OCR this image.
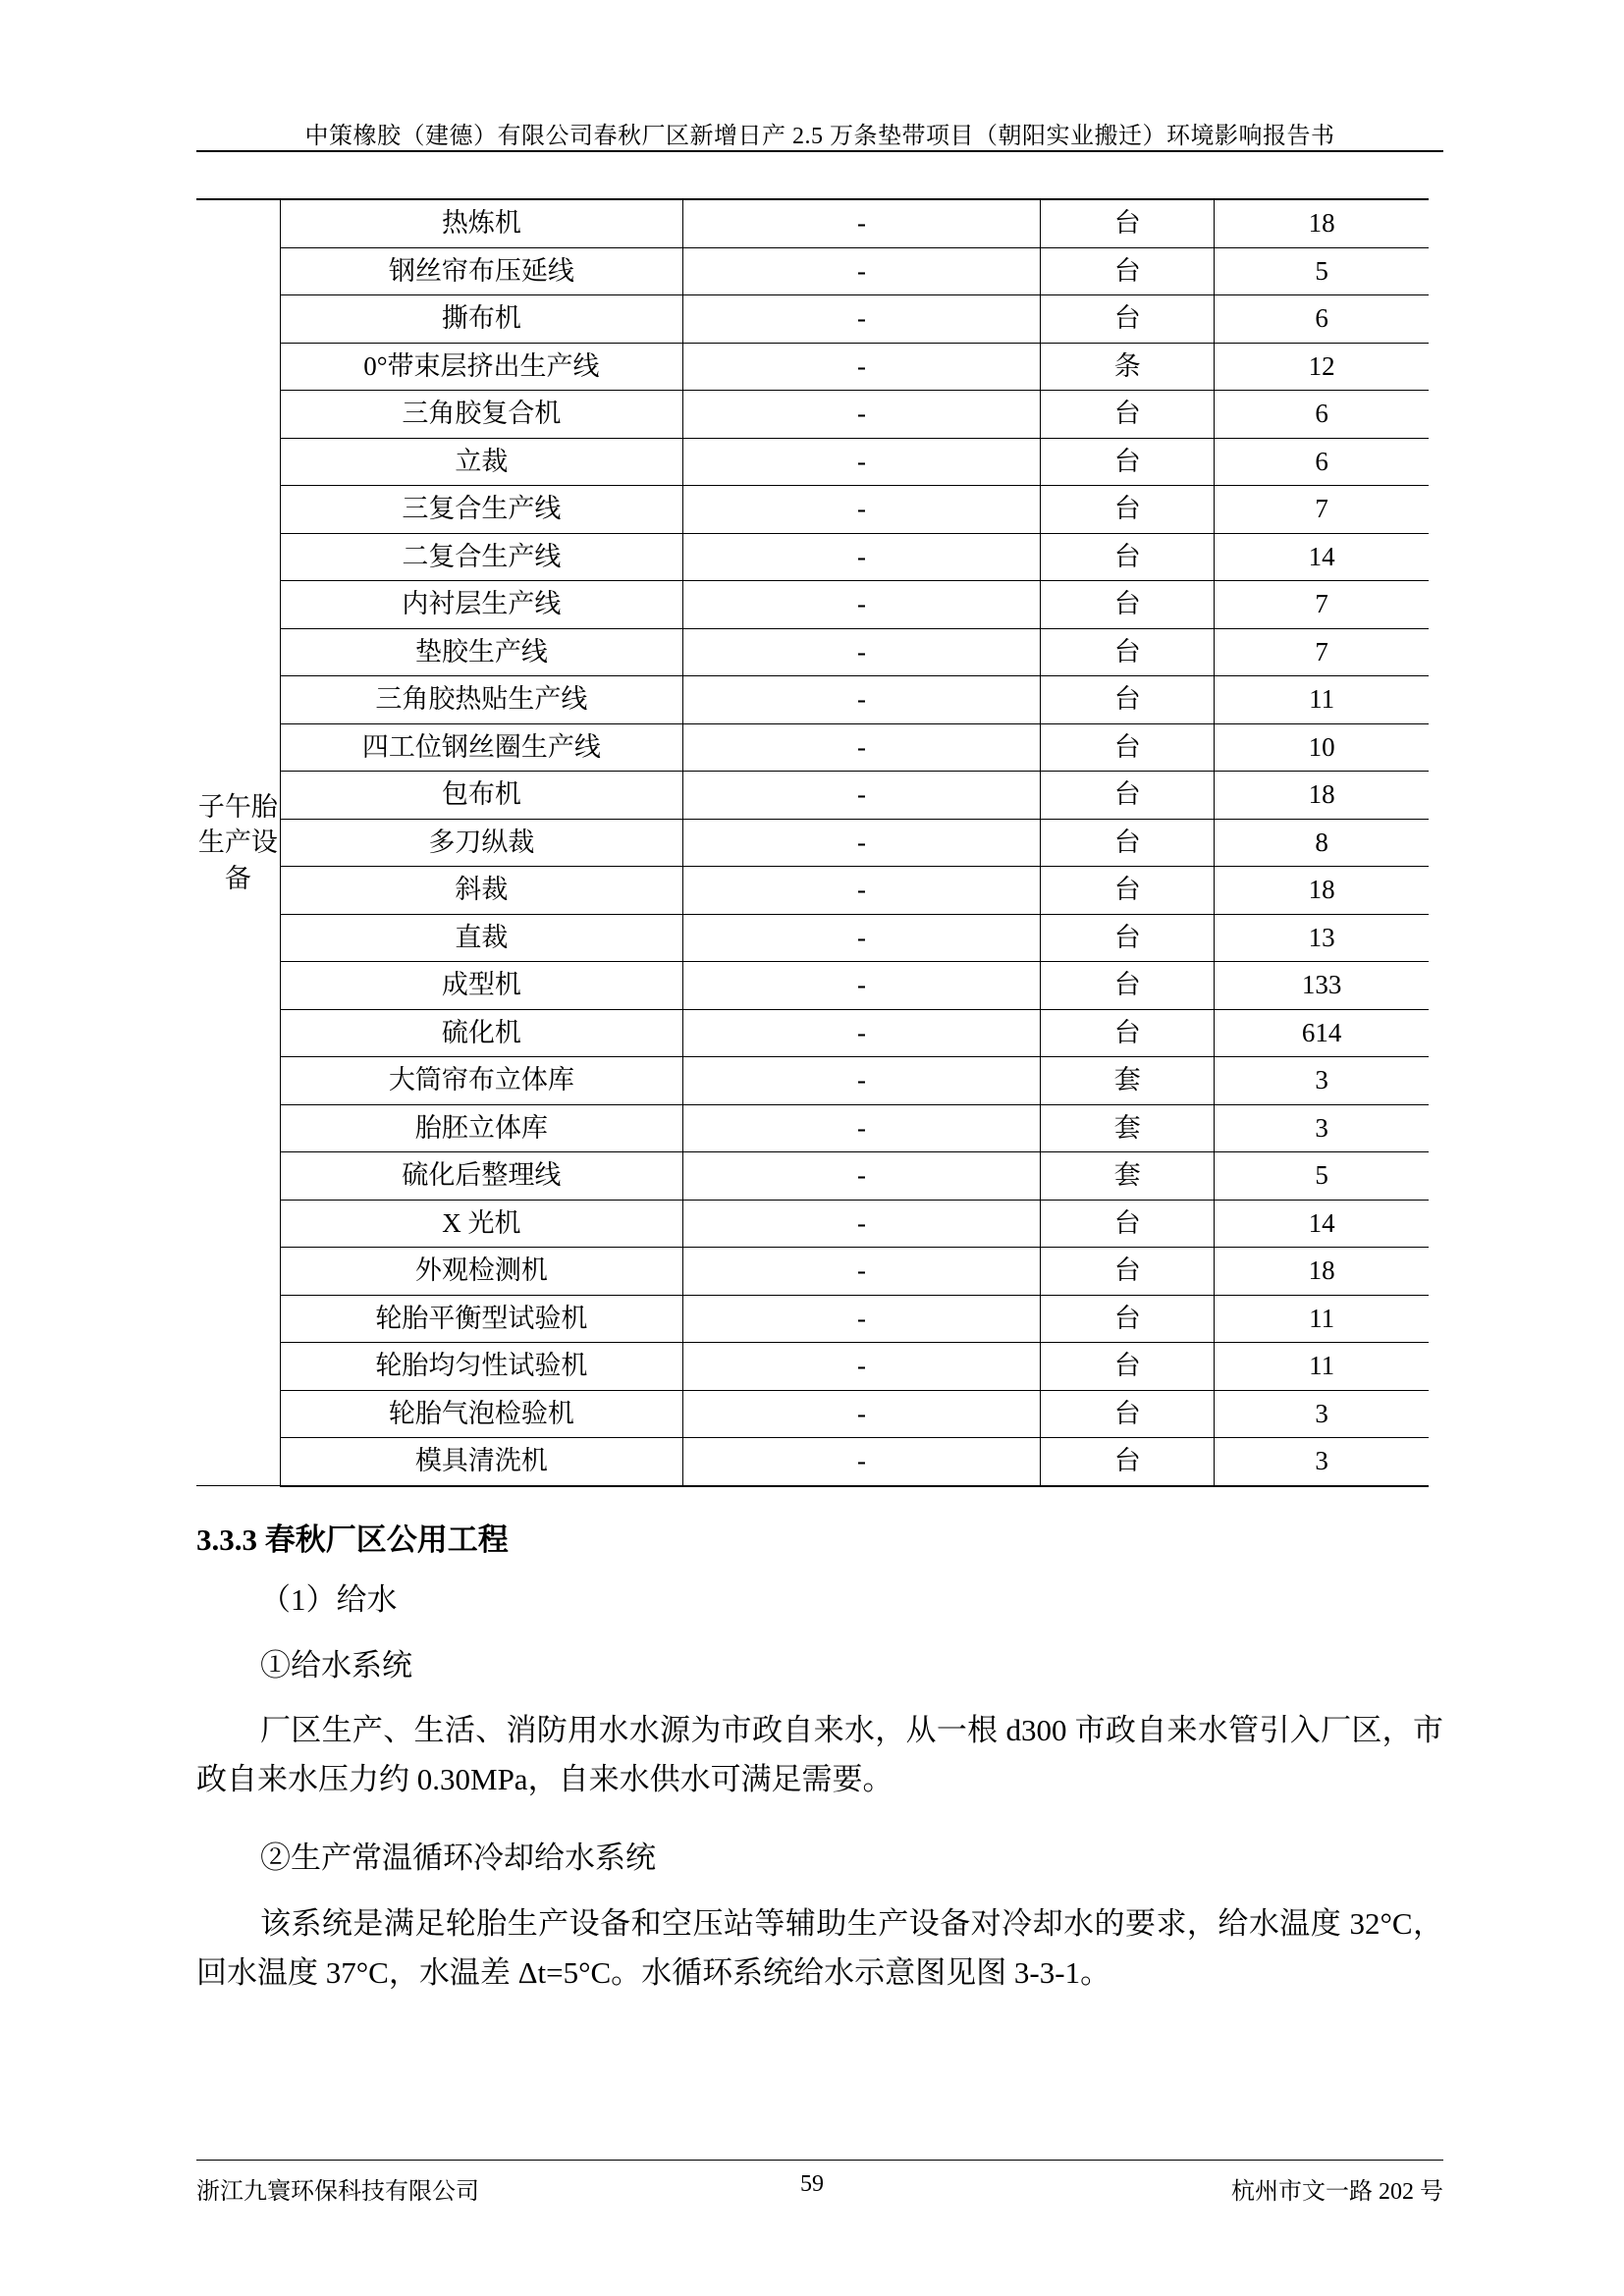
中策橡胶（建德）有限公司春秋厂区新增日产 2.5 万条垫带项目（朝阳实业搬迁）环境影响报告书
子午胎生产设备	热炼机	-	台	18
	钢丝帘布压延线	-	台	5
	撕布机	-	台	6
	0°带束层挤出生产线	-	条	12
	三角胶复合机	-	台	6
	立裁	-	台	6
	三复合生产线	-	台	7
	二复合生产线	-	台	14
	内衬层生产线	-	台	7
	垫胶生产线	-	台	7
	三角胶热贴生产线	-	台	11
	四工位钢丝圈生产线	-	台	10
	包布机	-	台	18
	多刀纵裁	-	台	8
	斜裁	-	台	18
	直裁	-	台	13
	成型机	-	台	133
	硫化机	-	台	614
	大筒帘布立体库	-	套	3
	胎胚立体库	-	套	3
	硫化后整理线	-	套	5
	X 光机	-	台	14
	外观检测机	-	台	18
	轮胎平衡型试验机	-	台	11
	轮胎均匀性试验机	-	台	11
	轮胎气泡检验机	-	台	3
	模具清洗机	-	台	3
3.3.3 春秋厂区公用工程
（1）给水
①给水系统
厂区生产、生活、消防用水水源为市政自来水，从一根 d300 市政自来水管引入厂区，市政自来水压力约 0.30MPa，自来水供水可满足需要。
②生产常温循环冷却给水系统
该系统是满足轮胎生产设备和空压站等辅助生产设备对冷却水的要求，给水温度 32°C，回水温度 37°C，水温差 Δt=5°C。水循环系统给水示意图见图 3-3-1。
浙江九寰环保科技有限公司	59	杭州市文一路 202 号
